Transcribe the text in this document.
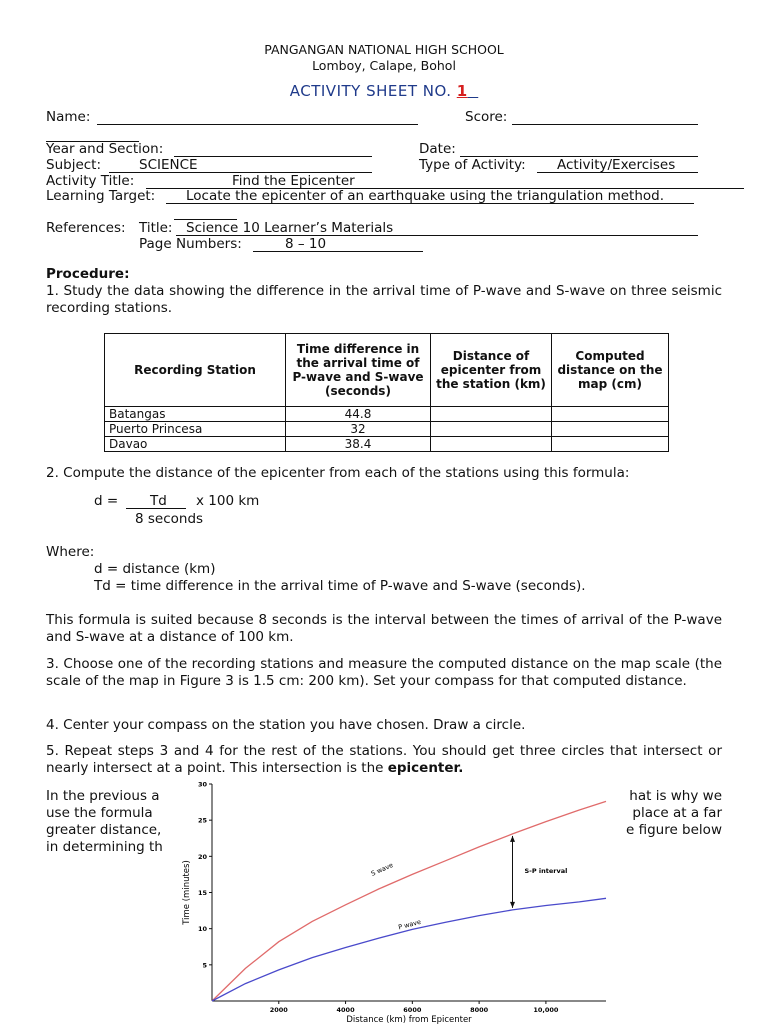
PANGANGAN NATIONAL HIGH SCHOOL
Lomboy, Calape, Bohol
ACTIVITY SHEET NO. 1
Name:	Score:
Year and Section:	Date:
Subject:	SCIENCE	Type of Activity: Activity/Exercises
Activity Title:	Find the Epicenter
Learning Target: Locate the epicenter of an earthquake using the triangulation method.
References: Title: Science 10 Learner’s Materials
Page Numbers:	8 – 10
Procedure:
1. Study the data showing the difference in the arrival time of P-wave and S-wave on three seismic recording stations.
Recording Station	Time difference in the arrival time of P-wave and S-wave (seconds)	Distance of epicenter from the station (km)	Computed distance on the map (cm)
Batangas	44.8		
Puerto Princesa	32		
Davao	38.4		
2. Compute the distance of the epicenter from each of the stations using this formula:
d = Td x 100 km
8 seconds
Where:
d = distance (km)
Td = time difference in the arrival time of P-wave and S-wave (seconds).
This formula is suited because 8 seconds is the interval between the times of arrival of the P-wave and S-wave at a distance of 100 km.
3. Choose one of the recording stations and measure the computed distance on the map scale (the scale of the map in Figure 3 is 1.5 cm: 200 km). Set your compass for that computed distance.
4. Center your compass on the station you have chosen. Draw a circle.
5. Repeat steps 3 and 4 for the rest of the stations. You should get three circles that intersect or nearly intersect at a point. This intersection is the epicenter.
In the previous a
use the formula
greater distance,
in determining th
hat is why we
place at a far
e figure below
5
10
15
20
25
30
2000	4000	6000	8000	10,000
Distance (km) from Epicenter
Time (minutes)	S wave
P wave
S-P interval
